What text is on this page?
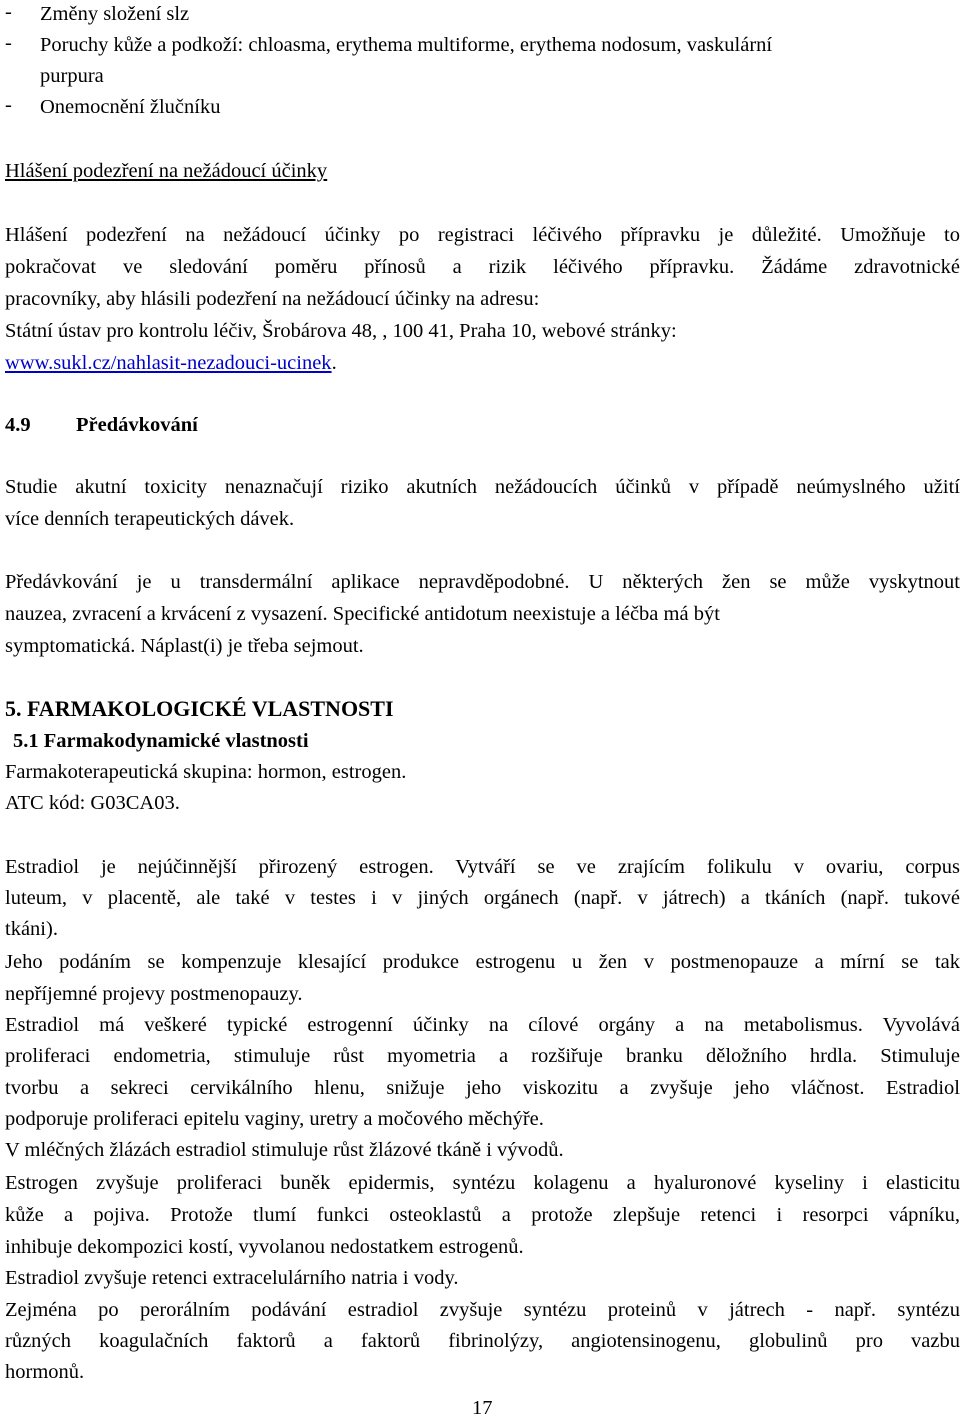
- Změny složení slz
- Poruchy kůže a podkoží: chloasma, erythema multiforme, erythema nodosum, vaskulární
purpura
- Onemocnění žlučníku
Hlášení podezření na nežádoucí účinky
Hlášení podezření na nežádoucí účinky po registraci léčivého přípravku je důležité. Umožňuje to
pokračovat ve sledování poměru přínosů a rizik léčivého přípravku. Žádáme zdravotnické
pracovníky, aby hlásili podezření na nežádoucí účinky na adresu:
Státní ústav pro kontrolu léčiv, Šrobárova 48, , 100 41, Praha 10, webové stránky:
www.sukl.cz/nahlasit-nezadouci-ucinek.
4.9 Předávkování
Studie akutní toxicity nenaznačují riziko akutních nežádoucích účinků v případě neúmyslného užití
více denních terapeutických dávek.
Předávkování je u transdermální aplikace nepravděpodobné. U některých žen se může vyskytnout
nauzea, zvracení a krvácení z vysazení. Specifické antidotum neexistuje a léčba má být
symptomatická. Náplast(i) je třeba sejmout.
5. FARMAKOLOGICKÉ VLASTNOSTI
5.1 Farmakodynamické vlastnosti
Farmakoterapeutická skupina: hormon, estrogen.
ATC kód: G03CA03.
Estradiol je nejúčinnější přirozený estrogen. Vytváří se ve zrajícím folikulu v ovariu, corpus
luteum, v placentě, ale také v testes i v jiných orgánech (např. v játrech) a tkáních (např. tukové
tkáni).
Jeho podáním se kompenzuje klesající produkce estrogenu u žen v postmenopauze a mírní se tak
nepříjemné projevy postmenopauzy.
Estradiol má veškeré typické estrogenní účinky na cílové orgány a na metabolismus. Vyvolává
proliferaci endometria, stimuluje růst myometria a rozšiřuje branku děložního hrdla. Stimuluje
tvorbu a sekreci cervikálního hlenu, snižuje jeho viskozitu a zvyšuje jeho vláčnost. Estradiol
podporuje proliferaci epitelu vaginy, uretry a močového měchýře.
V mléčných žlázách estradiol stimuluje růst žlázové tkáně i vývodů.
Estrogen zvyšuje proliferaci buněk epidermis, syntézu kolagenu a hyaluronové kyseliny i elasticitu
kůže a pojiva. Protože tlumí funkci osteoklastů a protože zlepšuje retenci i resorpci vápníku,
inhibuje dekompozici kostí, vyvolanou nedostatkem estrogenů.
Estradiol zvyšuje retenci extracelulárního natria i vody.
Zejména po perorálním podávání estradiol zvyšuje syntézu proteinů v játrech - např. syntézu
různých koagulačních faktorů a faktorů fibrinolýzy, angiotensinogenu, globulinů pro vazbu
hormonů.
17
